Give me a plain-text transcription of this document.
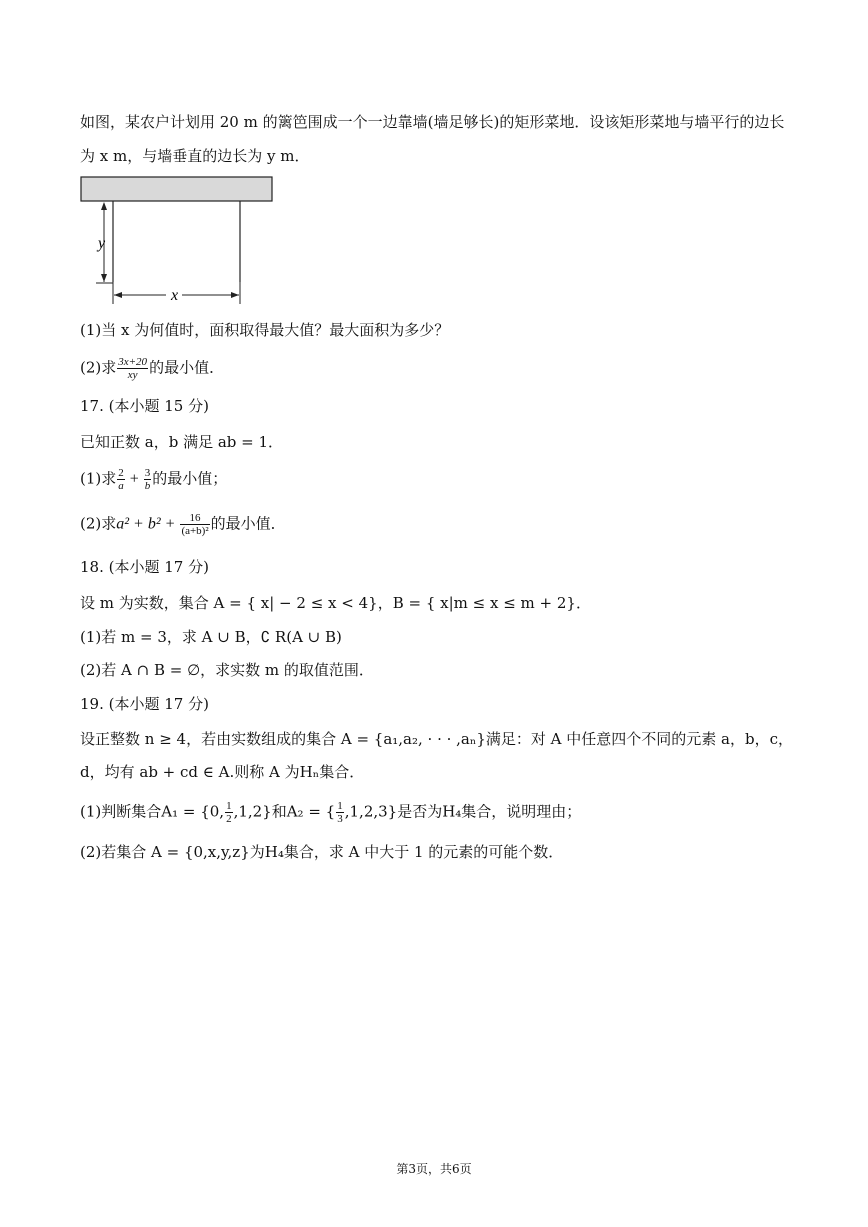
如图，某农户计划用 20 m 的篱笆围成一个一边靠墙(墙足够长)的矩形菜地．设该矩形菜地与墙平行的边长
为 x m，与墙垂直的边长为 y m．
x
y
(1)当 x 为何值时，面积取得最大值？最大面积为多少？
(2)求 $\frac{3x+20}{xy}$ 的最小值．
17. (本小题 15 分)
已知正数 a，b 满足 ab = 1．
(1)求 $\frac{2}{a} + \frac{3}{b}$ 的最小值；
(2)求$a^2 + b^2 + \frac{16}{\text{(a+b)²}}$ 的最小值．
18. (本小题 17 分)
设 m 为实数，集合 A = { x| − 2 ≤ x < 4}，B = { x|m ≤ x ≤ m + 2}．
(1)若 m = 3，求 A ∪ B，∁ R(A ∪ B)
(2)若 A ∩ B = ∅，求实数 m 的取值范围．
19. (本小题 17 分)
设正整数 n ≥ 4，若由实数组成的集合 A = {a₁,a₂, · · · ,aₙ}满足：对 A 中任意四个不同的元素 a，b，c，
d，均有 ab + cd ∈ A.则称 A 为Hₙ集合．
(1)判断集合A₁ = {0, $\frac{1}{2} ,1,2$}和A₂ = { $\frac{1}{3} ,1,2,3$}是否为H₄集合，说明理由；
(2)若集合 A = {0,x,y,z}为H₄集合，求 A 中大于 1 的元素的可能个数．
第3页，共6页
